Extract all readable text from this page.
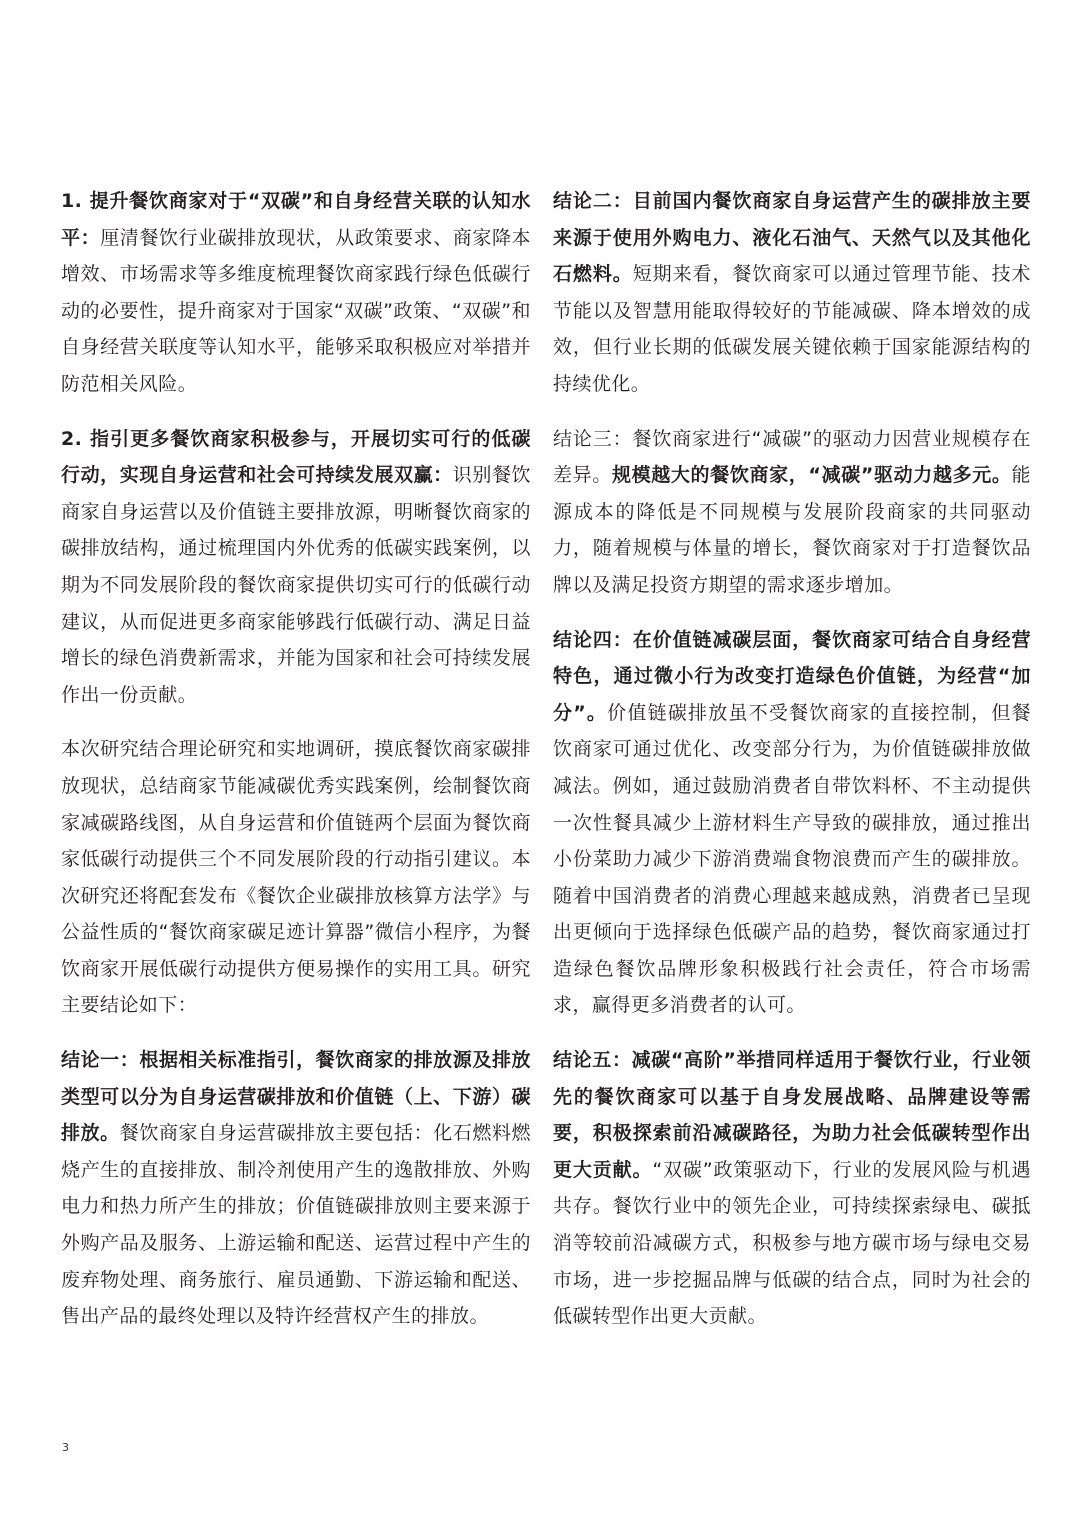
1. 提升餐饮商家对于“双碳”和自身经营关联的认知水平：厘清餐饮行业碳排放现状，从政策要求、商家降本增效、市场需求等多维度梳理餐饮商家践行绿色低碳行动的必要性，提升商家对于国家“双碳”政策、“双碳”和自身经营关联度等认知水平，能够采取积极应对举措并防范相关风险。

2. 指引更多餐饮商家积极参与，开展切实可行的低碳行动，实现自身运营和社会可持续发展双赢：识别餐饮商家自身运营以及价值链主要排放源，明晰餐饮商家的碳排放结构，通过梳理国内外优秀的低碳实践案例，以期为不同发展阶段的餐饮商家提供切实可行的低碳行动建议，从而促进更多商家能够践行低碳行动、满足日益增长的绿色消费新需求，并能为国家和社会可持续发展作出一份贡献。

本次研究结合理论研究和实地调研，摸底餐饮商家碳排放现状，总结商家节能减碳优秀实践案例，绘制餐饮商家减碳路线图，从自身运营和价值链两个层面为餐饮商家低碳行动提供三个不同发展阶段的行动指引建议。本次研究还将配套发布《餐饮企业碳排放核算方法学》与公益性质的“餐饮商家碳足迹计算器”微信小程序，为餐饮商家开展低碳行动提供方便易操作的实用工具。研究主要结论如下：

结论一：根据相关标准指引，餐饮商家的排放源及排放类型可以分为自身运营碳排放和价值链（上、下游）碳排放。餐饮商家自身运营碳排放主要包括：化石燃料燃烧产生的直接排放、制冷剂使用产生的逸散排放、外购电力和热力所产生的排放；价值链碳排放则主要来源于外购产品及服务、上游运输和配送、运营过程中产生的废弃物处理、商务旅行、雇员通勤、下游运输和配送、售出产品的最终处理以及特许经营权产生的排放。

结论二：目前国内餐饮商家自身运营产生的碳排放主要来源于使用外购电力、液化石油气、天然气以及其他化石燃料。短期来看，餐饮商家可以通过管理节能、技术节能以及智慧用能取得较好的节能减碳、降本增效的成效，但行业长期的低碳发展关键依赖于国家能源结构的持续优化。

结论三：餐饮商家进行“减碳”的驱动力因营业规模存在差异。规模越大的餐饮商家，“减碳”驱动力越多元。能源成本的降低是不同规模与发展阶段商家的共同驱动力，随着规模与体量的增长，餐饮商家对于打造餐饮品牌以及满足投资方期望的需求逐步增加。

结论四：在价值链减碳层面，餐饮商家可结合自身经营特色，通过微小行为改变打造绿色价值链，为经营“加分”。价值链碳排放虽不受餐饮商家的直接控制，但餐饮商家可通过优化、改变部分行为，为价值链碳排放做减法。例如，通过鼓励消费者自带饮料杯、不主动提供一次性餐具减少上游材料生产导致的碳排放，通过推出小份菜助力减少下游消费端食物浪费而产生的碳排放。随着中国消费者的消费心理越来越成熟，消费者已呈现出更倾向于选择绿色低碳产品的趋势，餐饮商家通过打造绿色餐饮品牌形象积极践行社会责任，符合市场需求，赢得更多消费者的认可。

结论五：减碳“高阶”举措同样适用于餐饮行业，行业领先的餐饮商家可以基于自身发展战略、品牌建设等需要，积极探索前沿减碳路径，为助力社会低碳转型作出更大贡献。“双碳”政策驱动下，行业的发展风险与机遇共存。餐饮行业中的领先企业，可持续探索绿电、碳抵消等较前沿减碳方式，积极参与地方碳市场与绿电交易市场，进一步挖掘品牌与低碳的结合点，同时为社会的低碳转型作出更大贡献。

3
